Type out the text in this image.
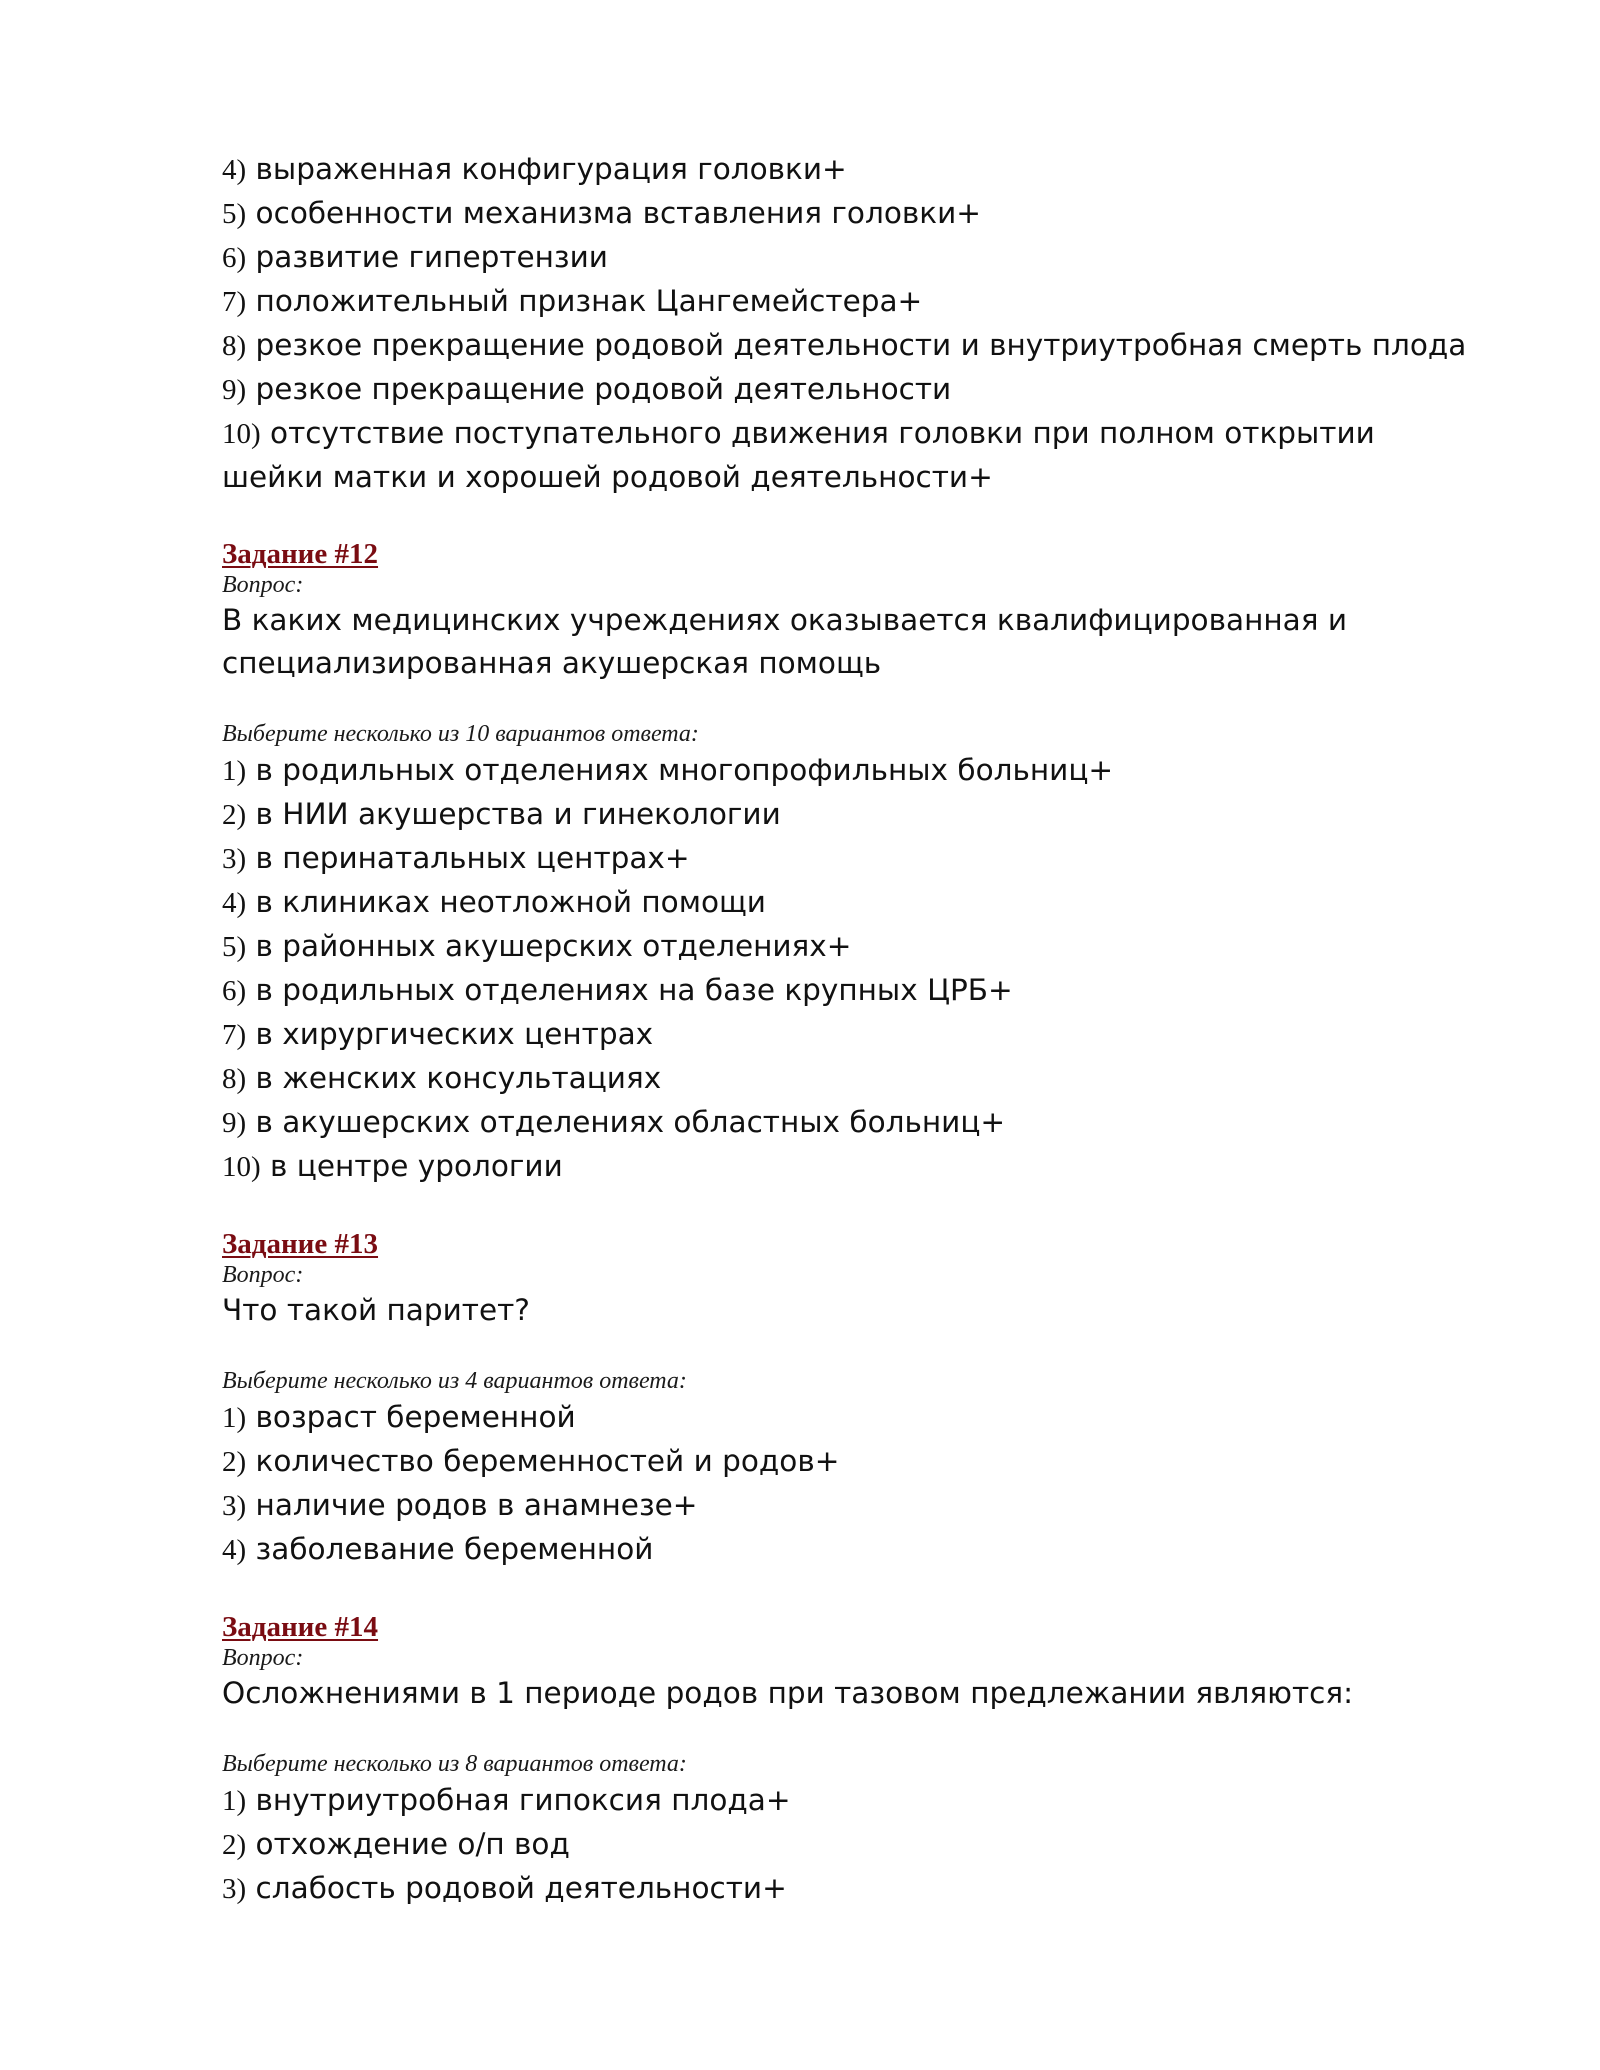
4) выраженная конфигурация головки+
5) особенности механизма вставления головки+
6) развитие гипертензии
7) положительный признак Цангемейстера+
8) резкое прекращение родовой деятельности и внутриутробная смерть плода
9) резкое прекращение родовой деятельности
10) отсутствие поступательного движения головки при полном открытии шейки матки и хорошей родовой деятельности+
Задание #12
Вопрос:
В каких медицинских учреждениях оказывается квалифицированная и специализированная акушерская помощь
Выберите несколько из 10 вариантов ответа:
1) в родильных отделениях многопрофильных больниц+
2) в НИИ акушерства и гинекологии
3) в перинатальных центрах+
4) в клиниках неотложной помощи
5) в районных акушерских отделениях+
6) в родильных отделениях на базе крупных ЦРБ+
7) в хирургических центрах
8) в женских консультациях
9) в акушерских отделениях областных больниц+
10) в центре урологии
Задание #13
Вопрос:
Что такой паритет?
Выберите несколько из 4 вариантов ответа:
1) возраст беременной
2) количество беременностей и родов+
3) наличие родов в анамнезе+
4) заболевание беременной
Задание #14
Вопрос:
Осложнениями в 1 периоде родов при тазовом предлежании являются:
Выберите несколько из 8 вариантов ответа:
1) внутриутробная гипоксия плода+
2) отхождение о/п вод
3) слабость родовой деятельности+
